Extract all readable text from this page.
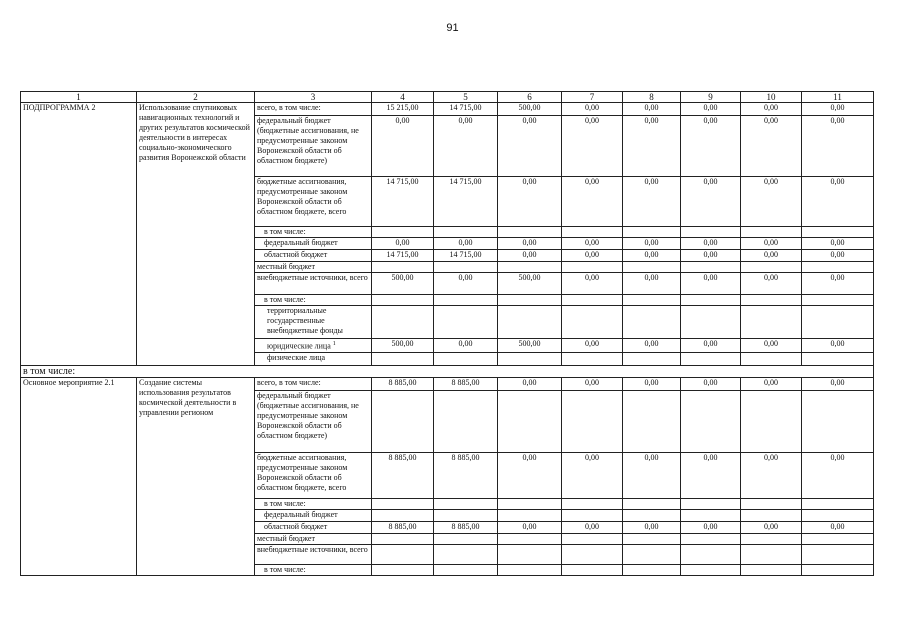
91
1	2	3	4	5	6	7	8	9	10	11
ПОДПРОГРАММА 2	Использование спутниковых навигационных технологий и других результатов космической деятельности в интересах социально-экономического развития Воронежской области	всего, в том числе:	15 215,00	14 715,00	500,00	0,00	0,00	0,00	0,00	0,00
		федеральный бюджет (бюджетные ассигнования, не предусмотренные законом Воронежской области об областном бюджете)	0,00	0,00	0,00	0,00	0,00	0,00	0,00	0,00
		бюджетные ассигнования, предусмотренные законом Воронежской области об областном бюджете, всего	14 715,00	14 715,00	0,00	0,00	0,00	0,00	0,00	0,00
		в том числе:								
		федеральный бюджет	0,00	0,00	0,00	0,00	0,00	0,00	0,00	0,00
		областной бюджет	14 715,00	14 715,00	0,00	0,00	0,00	0,00	0,00	0,00
		местный бюджет								
		внебюджетные источники, всего	500,00	0,00	500,00	0,00	0,00	0,00	0,00	0,00
		в том числе:								
		территориальные государственные внебюджетные фонды								
		юридические лица $^1$	500,00	0,00	500,00	0,00	0,00	0,00	0,00	0,00
		физические лица								
в том числе:										
Основное мероприятие 2.1	Создание системы использования результатов космической деятельности в управлении регионом	всего, в том числе:	8 885,00	8 885,00	0,00	0,00	0,00	0,00	0,00	0,00
		федеральный бюджет (бюджетные ассигнования, не предусмотренные законом Воронежской области об областном бюджете)								
		бюджетные ассигнования, предусмотренные законом Воронежской области об областном бюджете, всего	8 885,00	8 885,00	0,00	0,00	0,00	0,00	0,00	0,00
		в том числе:								
		федеральный бюджет								
		областной бюджет	8 885,00	8 885,00	0,00	0,00	0,00	0,00	0,00	0,00
		местный бюджет								
		внебюджетные источники, всего								
		в том числе:								
